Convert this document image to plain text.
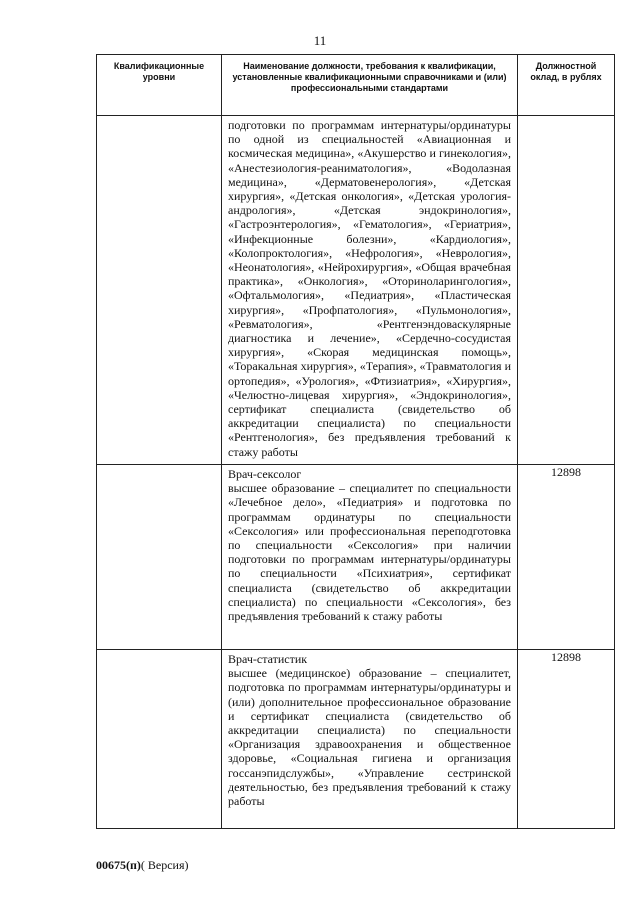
11
Квалификационные уровни	Наименование должности, требования к квалификации, установленные квалификационными справочниками и (или) профессиональными стандартами	Должностной оклад, в рублях

	подготовки по программам интернатуры/ординатуры по одной из специальностей «Авиационная и космическая медицина», «Акушерство и гинекология», «Анестезиология-реаниматология», «Водолазная медицина», «Дерматовенерология», «Детская хирургия», «Детская онкология», «Детская урология-андрология», «Детская эндокринология», «Гастроэнтерология», «Гематология», «Гериатрия», «Инфекционные болезни», «Кардиология», «Колопроктология», «Нефрология», «Неврология», «Неонатология», «Нейрохирургия», «Общая врачебная практика», «Онкология», «Оториноларингология», «Офтальмология», «Педиатрия», «Пластическая хирургия», «Профпатология», «Пульмонология», «Ревматология», «Рентгенэндоваскулярные диагностика и лечение», «Сердечно-сосудистая хирургия», «Скорая медицинская помощь», «Торакальная хирургия», «Терапия», «Травматология и ортопедия», «Урология», «Фтизиатрия», «Хирургия», «Челюстно-лицевая хирургия», «Эндокринология», сертификат специалиста (свидетельство об аккредитации специалиста) по специальности «Рентгенология», без предъявления требований к стажу работы	

	Врач-сексолог
высшее образование – специалитет по специальности «Лечебное дело», «Педиатрия» и подготовка по программам ординатуры по специальности «Сексология» или профессиональная переподготовка по специальности «Сексология» при наличии подготовки по программам интернатуры/ординатуры по специальности «Психиатрия», сертификат специалиста (свидетельство об аккредитации специалиста) по специальности «Сексология», без предъявления требований к стажу работы	12898

	Врач-статистик
высшее (медицинское) образование – специалитет, подготовка по программам интернатуры/ординатуры и (или) дополнительное профессиональное образование и сертификат специалиста (свидетельство об аккредитации специалиста) по специальности «Организация здравоохранения и общественное здоровье, «Социальная гигиена и организация госсанэпидслужбы», «Управление сестринской деятельностью, без предъявления требований к стажу работы	12898
00675(п)( Версия)
